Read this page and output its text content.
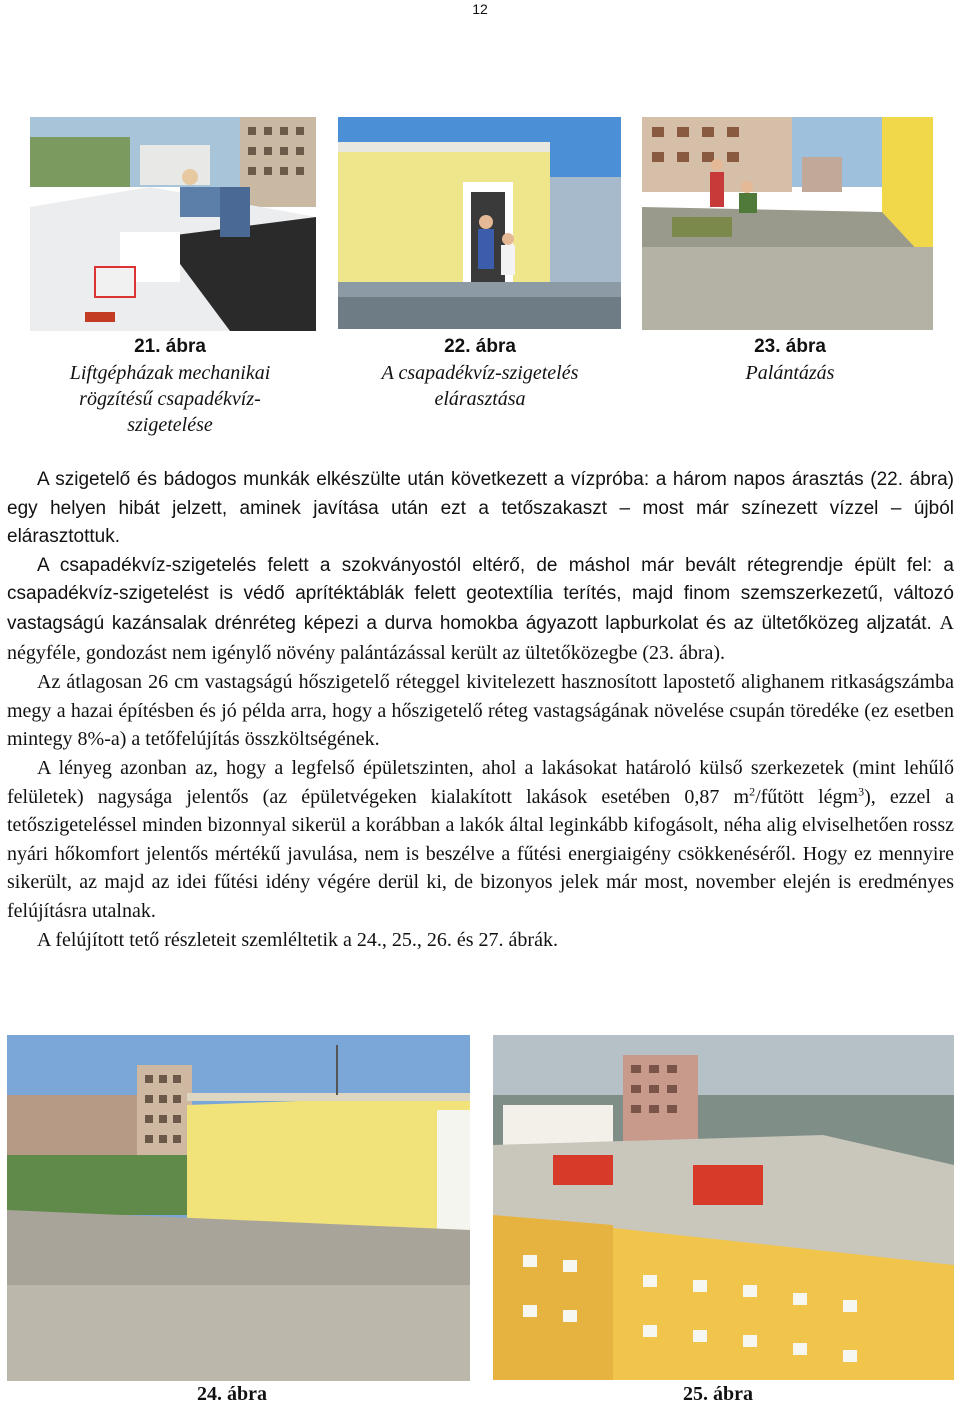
12
21. ábra
Liftgépházak mechanikai rögzítésű csapadékvíz-szigetelése
22. ábra
A csapadékvíz-szigetelés elárasztása
23. ábra
Palántázás

A szigetelő és bádogos munkák elkészülte után következett a vízpróba: a három napos árasztás (22. ábra) egy helyen hibát jelzett, aminek javítása után ezt a tetőszakaszt – most már színezett vízzel – újból elárasztottuk.

A csapadékvíz-szigetelés felett a szokványostól eltérő, de máshol már bevált rétegrendje épült fel: a csapadékvíz-szigetelést is védő aprítéktáblák felett geotextília terítés, majd finom szemszerkezetű, változó vastagságú kazánsalak drénréteg képezi a durva homokba ágyazott lapburkolat és az ültetőközeg aljzatát. A négyféle, gondozást nem igénylő növény palántázással került az ültetőközegbe (23. ábra).

Az átlagosan 26 cm vastagságú hőszigetelő réteggel kivitelezett hasznosított lapostető alighanem ritkaságszámba megy a hazai építésben és jó példa arra, hogy a hőszigetelő réteg vastagságának növelése csupán töredéke (ez esetben mintegy 8%-a) a tetőfelújítás összköltségének.

A lényeg azonban az, hogy a legfelső épületszinten, ahol a lakásokat határoló külső szerkezetek (mint lehűlő felületek) nagysága jelentős (az épületvégeken kialakított lakások esetében 0,87 $m^2$/fűtött légm$^3$), ezzel a tetőszigeteléssel minden bizonnyal sikerül a korábban a lakók által leginkább kifogásolt, néha alig elviselhetően rossz nyári hőkomfort jelentős mértékű javulása, nem is beszélve a fűtési energiaigény csökkenéséről. Hogy ez mennyire sikerült, az majd az idei fűtési idény végére derül ki, de bizonyos jelek már most, november elején is eredményes felújításra utalnak.

A felújított tető részleteit szemléltetik a 24., 25., 26. és 27. ábrák.

24. ábra	25. ábra
